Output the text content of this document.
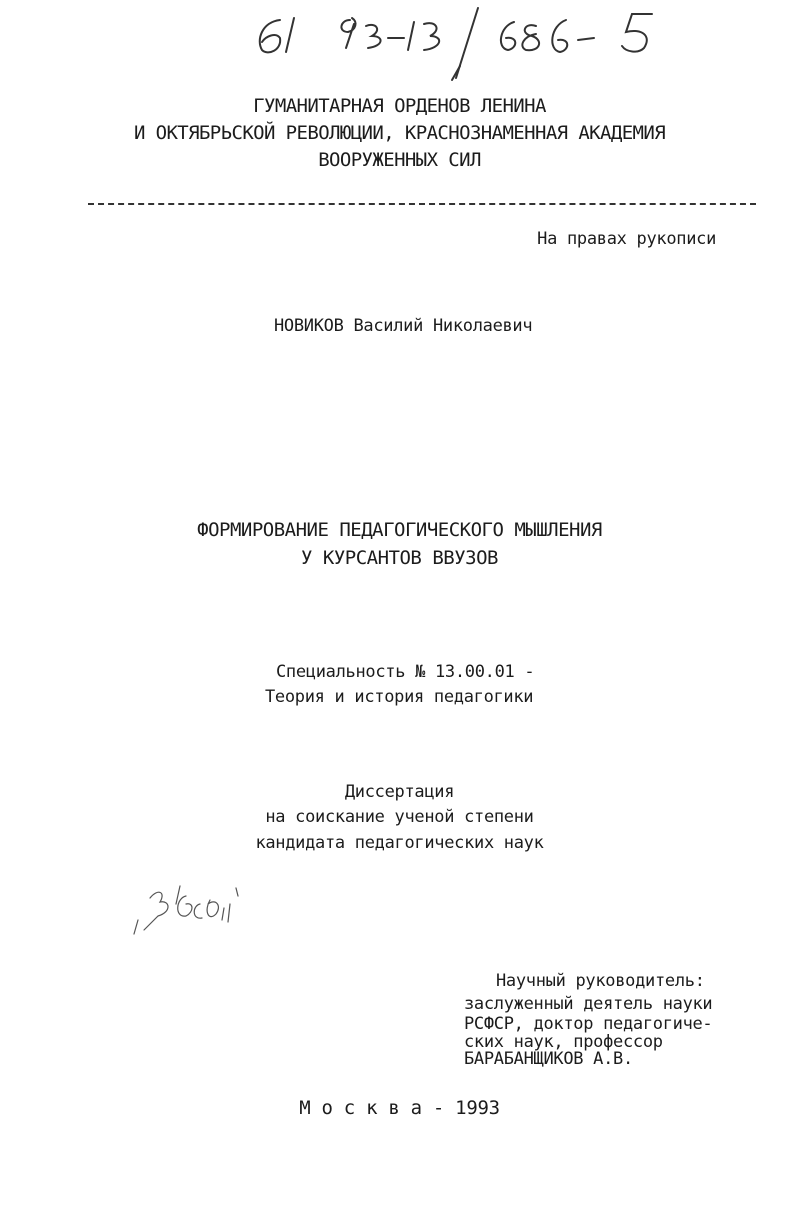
ГУМАНИТАРНАЯ ОРДЕНОВ ЛЕНИНА
И ОКТЯБРЬСКОЙ РЕВОЛЮЦИИ, КРАСНОЗНАМЕННАЯ АКАДЕМИЯ
ВООРУЖЕННЫХ СИЛ
На правах рукописи
НОВИКОВ Василий Николаевич
ФОРМИРОВАНИЕ ПЕДАГОГИЧЕСКОГО МЫШЛЕНИЯ
У КУРСАНТОВ ВВУЗОВ
Специальность № 13.00.01 -
Теория и история педагогики
Диссертация
на соискание ученой степени
кандидата педагогических наук
Научный руководитель:
заслуженный деятель науки
РСФСР, доктор педагогиче-
ских наук, профессор
БАРАБАНЩИКОВ А.В.
М о с к в а - 1993
